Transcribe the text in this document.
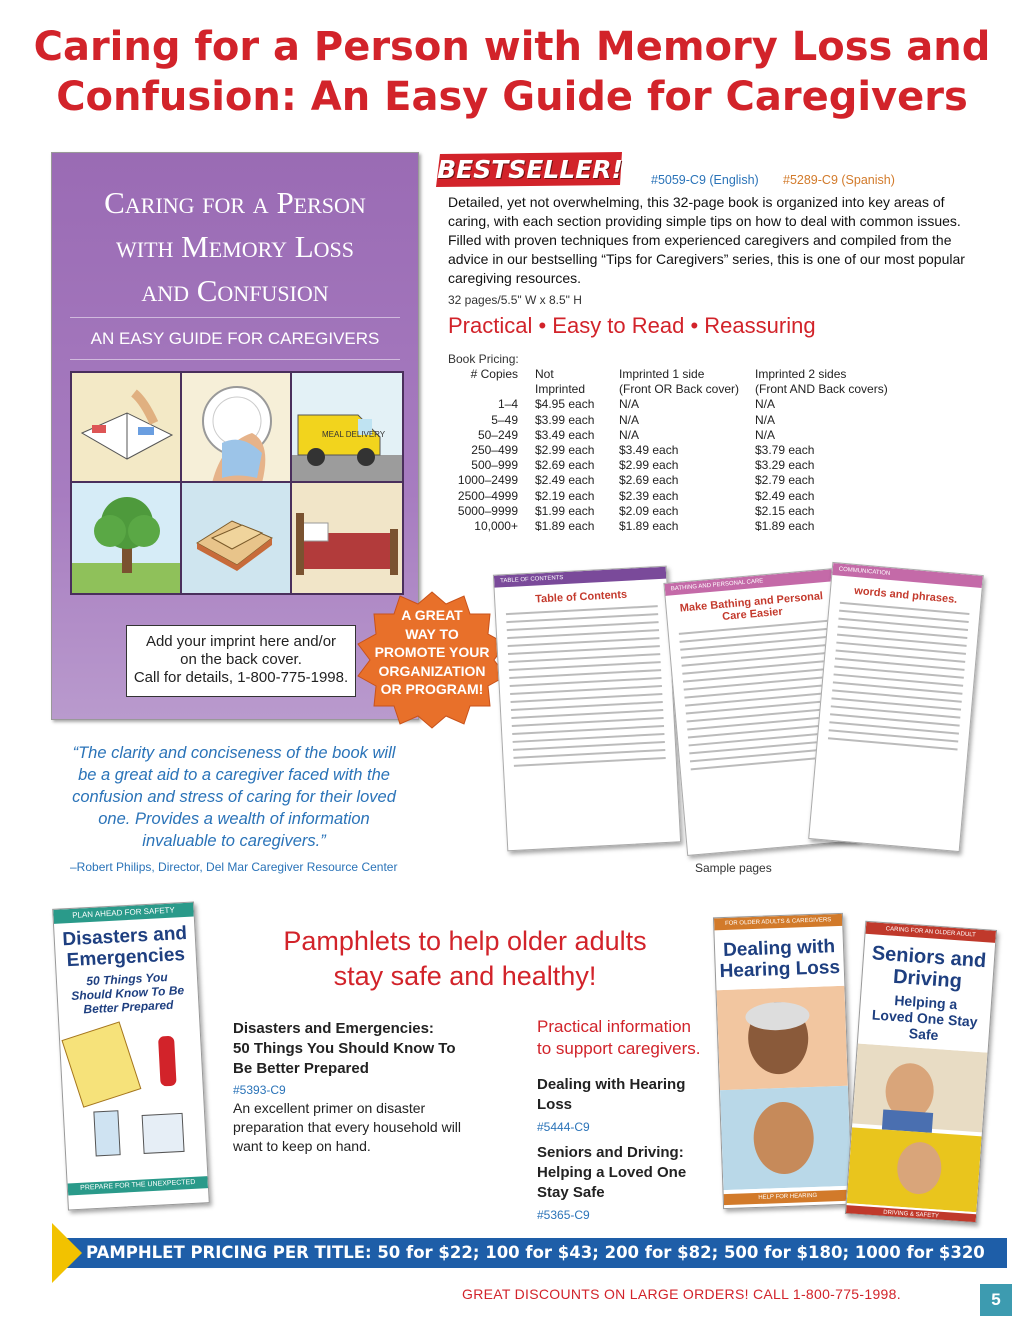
Caring for a Person with Memory Loss and
Confusion: An Easy Guide for Caregivers
Caring for a Person
with Memory Loss
and Confusion
AN EASY GUIDE FOR CAREGIVERS
MEAL DELIVERY
Add your imprint here and/or
on the back cover.
Call for details, 1-800-775-1998.
A GREAT
WAY TO
PROMOTE YOUR
ORGANIZATION
OR PROGRAM!
BESTSELLER! #5059-C9 (English) #5289-C9 (Spanish)
Detailed, yet not overwhelming, this 32-page book is organized into key areas of caring, with each section providing simple tips on how to deal with common issues. Filled with proven techniques from experienced caregivers and compiled from the advice in our bestselling “Tips for Caregivers” series, this is one of our most popular caregiving resources.
32 pages/5.5" W x 8.5" H
Practical • Easy to Read • Reassuring
Book Pricing:
# Copies	Not	Imprinted 1 side	Imprinted 2 sides
	Imprinted	(Front OR Back cover)	(Front AND Back covers)
1–4	$4.95 each	N/A	N/A
5–49	$3.99 each	N/A	N/A
50–249	$3.49 each	N/A	N/A
250–499	$2.99 each	$3.49 each	$3.79 each
500–999	$2.69 each	$2.99 each	$3.29 each
1000–2499	$2.49 each	$2.69 each	$2.79 each
2500–4999	$2.19 each	$2.39 each	$2.49 each
5000–9999	$1.99 each	$2.09 each	$2.15 each
10,000+	$1.89 each	$1.89 each	$1.89 each
TABLE OF CONTENTS
Table of Contents
BATHING AND PERSONAL CARE
Make Bathing and Personal Care Easier
COMMUNICATION
words and phrases.
Sample pages
“The clarity and conciseness of the book will be a great aid to a caregiver faced with the confusion and stress of caring for their loved one. Provides a wealth of information invaluable to caregivers.”
–Robert Philips, Director, Del Mar Caregiver Resource Center
PLAN AHEAD FOR SAFETY
Disasters and
Emergencies
50 Things You Should Know To Be Better Prepared
PREPARE FOR THE UNEXPECTED
FOR OLDER ADULTS & CAREGIVERS
Dealing with
Hearing Loss
HELP FOR HEARING
CARING FOR AN OLDER ADULT
Seniors and
Driving
Helping a Loved One Stay Safe
DRIVING & SAFETY
Pamphlets to help older adults
stay safe and healthy!
Disasters and Emergencies:
50 Things You Should Know To
Be Better Prepared
#5393-C9
An excellent primer on disaster preparation that every household will want to keep on hand.
Practical information
to support caregivers.
Dealing with Hearing Loss
#5444-C9
Seniors and Driving: Helping a Loved One Stay Safe
#5365-C9
PAMPHLET PRICING PER TITLE: 50 for $22; 100 for $43; 200 for $82; 500 for $180; 1000 for $320
GREAT DISCOUNTS ON LARGE ORDERS! CALL 1-800-775-1998.	5
